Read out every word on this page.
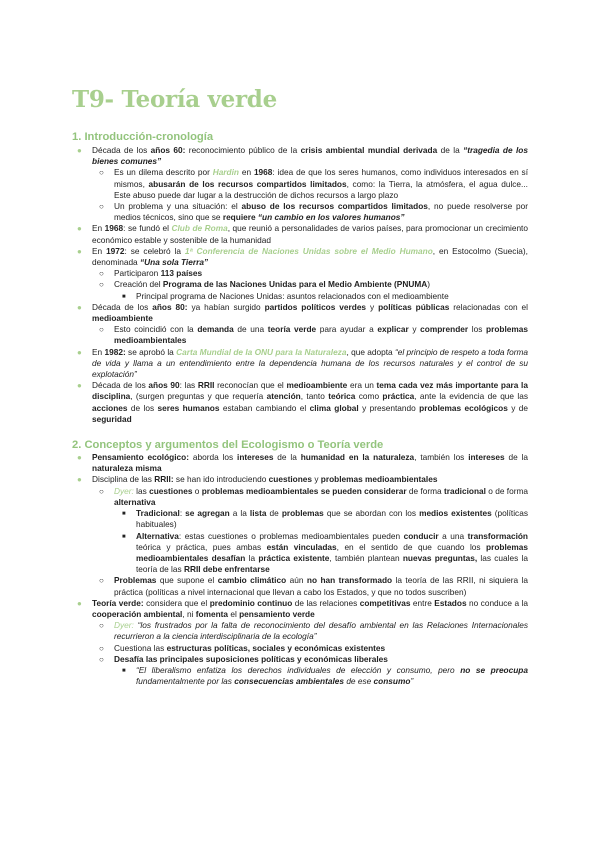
T9- Teoría verde
1. Introducción-cronología

● Década de los años 60: reconocimiento público de la crisis ambiental mundial derivada de la “tragedia de los bienes comunes”

○ Es un dilema descrito por Hardin en 1968: idea de que los seres humanos, como individuos interesados en sí mismos, abusarán de los recursos compartidos limitados, como: la Tierra, la atmósfera, el agua dulce... Este abuso puede dar lugar a la destrucción de dichos recursos a largo plazo

○ Un problema y una situación: el abuso de los recursos compartidos limitados, no puede resolverse por medios técnicos, sino que se requiere “un cambio en los valores humanos”

● En 1968: se fundó el Club de Roma, que reunió a personalidades de varios países, para promocionar un crecimiento económico estable y sostenible de la humanidad

● En 1972: se celebró la 1ª Conferencia de Naciones Unidas sobre el Medio Humano, en Estocolmo (Suecia), denominada “Una sola Tierra”

○ Participaron 113 países

○ Creación del Programa de las Naciones Unidas para el Medio Ambiente (PNUMA)

■ Principal programa de Naciones Unidas: asuntos relacionados con el medioambiente

● Década de los años 80: ya habían surgido partidos políticos verdes y políticas públicas relacionadas con el medioambiente

○ Esto coincidió con la demanda de una teoría verde para ayudar a explicar y comprender los problemas medioambientales

● En 1982: se aprobó la Carta Mundial de la ONU para la Naturaleza, que adopta “el principio de respeto a toda forma de vida y llama a un entendimiento entre la dependencia humana de los recursos naturales y el control de su explotación”

● Década de los años 90: las RRII reconocían que el medioambiente era un tema cada vez más importante para la disciplina, (surgen preguntas y que requería atención, tanto teórica como práctica, ante la evidencia de que las acciones de los seres humanos estaban cambiando el clima global y presentando problemas ecológicos y de seguridad

2. Conceptos y argumentos del Ecologismo o Teoría verde

● Pensamiento ecológico: aborda los intereses de la humanidad en la naturaleza, también los intereses de la naturaleza misma

● Disciplina de las RRII: se han ido introduciendo cuestiones y problemas medioambientales

○ Dyer: las cuestiones o problemas medioambientales se pueden considerar de forma tradicional o de forma alternativa

■ Tradicional: se agregan a la lista de problemas que se abordan con los medios existentes (políticas habituales)

■ Alternativa: estas cuestiones o problemas medioambientales pueden conducir a una transformación teórica y práctica, pues ambas están vinculadas, en el sentido de que cuando los problemas medioambientales desafían la práctica existente, también plantean nuevas preguntas, las cuales la teoría de las RRII debe enfrentarse

○ Problemas que supone el cambio climático aún no han transformado la teoría de las RRII, ni siquiera la práctica (políticas a nivel internacional que llevan a cabo los Estados, y que no todos suscriben)

● Teoría verde: considera que el predominio continuo de las relaciones competitivas entre Estados no conduce a la cooperación ambiental, ni fomenta el pensamiento verde

○ Dyer: “los frustrados por la falta de reconocimiento del desafío ambiental en las Relaciones Internacionales recurrieron a la ciencia interdisciplinaria de la ecología”

○ Cuestiona las estructuras políticas, sociales y económicas existentes

○ Desafía las principales suposiciones políticas y económicas liberales

■ “El liberalismo enfatiza los derechos individuales de elección y consumo, pero no se preocupa fundamentalmente por las consecuencias ambientales de ese consumo”
